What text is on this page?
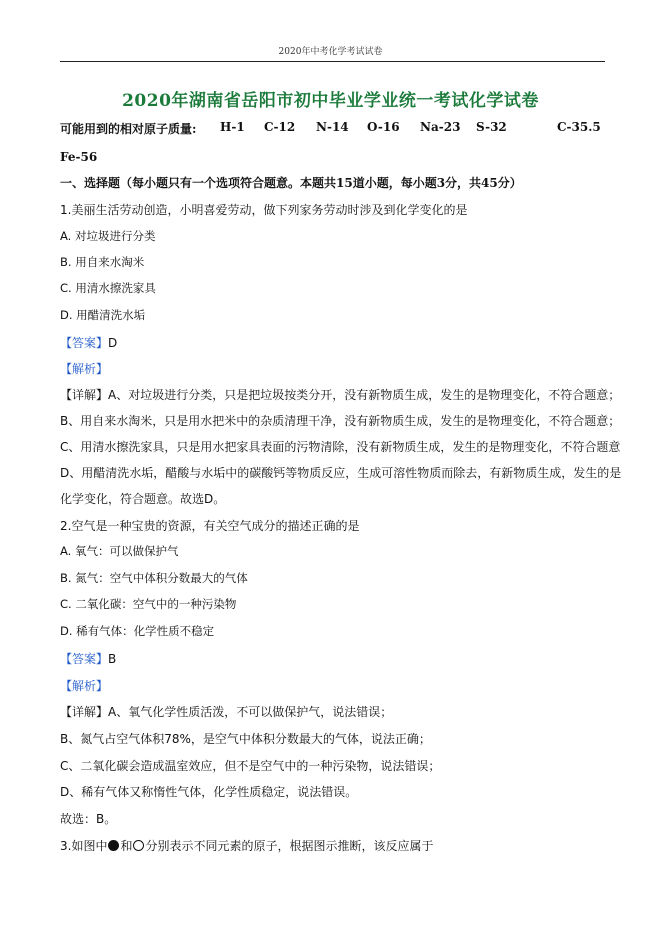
2020年中考化学考试试卷
2020年湖南省岳阳市初中毕业学业统一考试化学试卷
可能用到的相对原子质量: H-1 C-12 N-14 O-16 Na-23 S-32	C-35.5
Fe-56
一、选择题（每小题只有一个选项符合题意。本题共15道小题，每小题3分，共45分）
1.美丽生活劳动创造，小明喜爱劳动，做下列家务劳动时涉及到化学变化的是
A. 对垃圾进行分类
B. 用自来水淘米
C. 用清水擦洗家具
D. 用醋清洗水垢
【答案】D
【解析】
【详解】A、对垃圾进行分类，只是把垃圾按类分开，没有新物质生成，发生的是物理变化，不符合题意；
B、用自来水淘米，只是用水把米中的杂质清理干净，没有新物质生成，发生的是物理变化，不符合题意；
C、用清水擦洗家具，只是用水把家具表面的污物清除，没有新物质生成，发生的是物理变化，不符合题意
D、用醋清洗水垢，醋酸与水垢中的碳酸钙等物质反应，生成可溶性物质而除去，有新物质生成，发生的是
化学变化，符合题意。故选D。
2.空气是一种宝贵的资源，有关空气成分的描述正确的是
A. 氧气：可以做保护气
B. 氮气：空气中体积分数最大的气体
C. 二氧化碳：空气中的一种污染物
D. 稀有气体：化学性质不稳定
【答案】B
【解析】
【详解】A、氧气化学性质活泼，不可以做保护气，说法错误；
B、氮气占空气体积78%，是空气中体积分数最大的气体，说法正确；
C、二氧化碳会造成温室效应，但不是空气中的一种污染物，说法错误；
D、稀有气体又称惰性气体，化学性质稳定，说法错误。
故选：B。
3.如图中 和 分别表示不同元素的原子，根据图示推断，该反应属于
